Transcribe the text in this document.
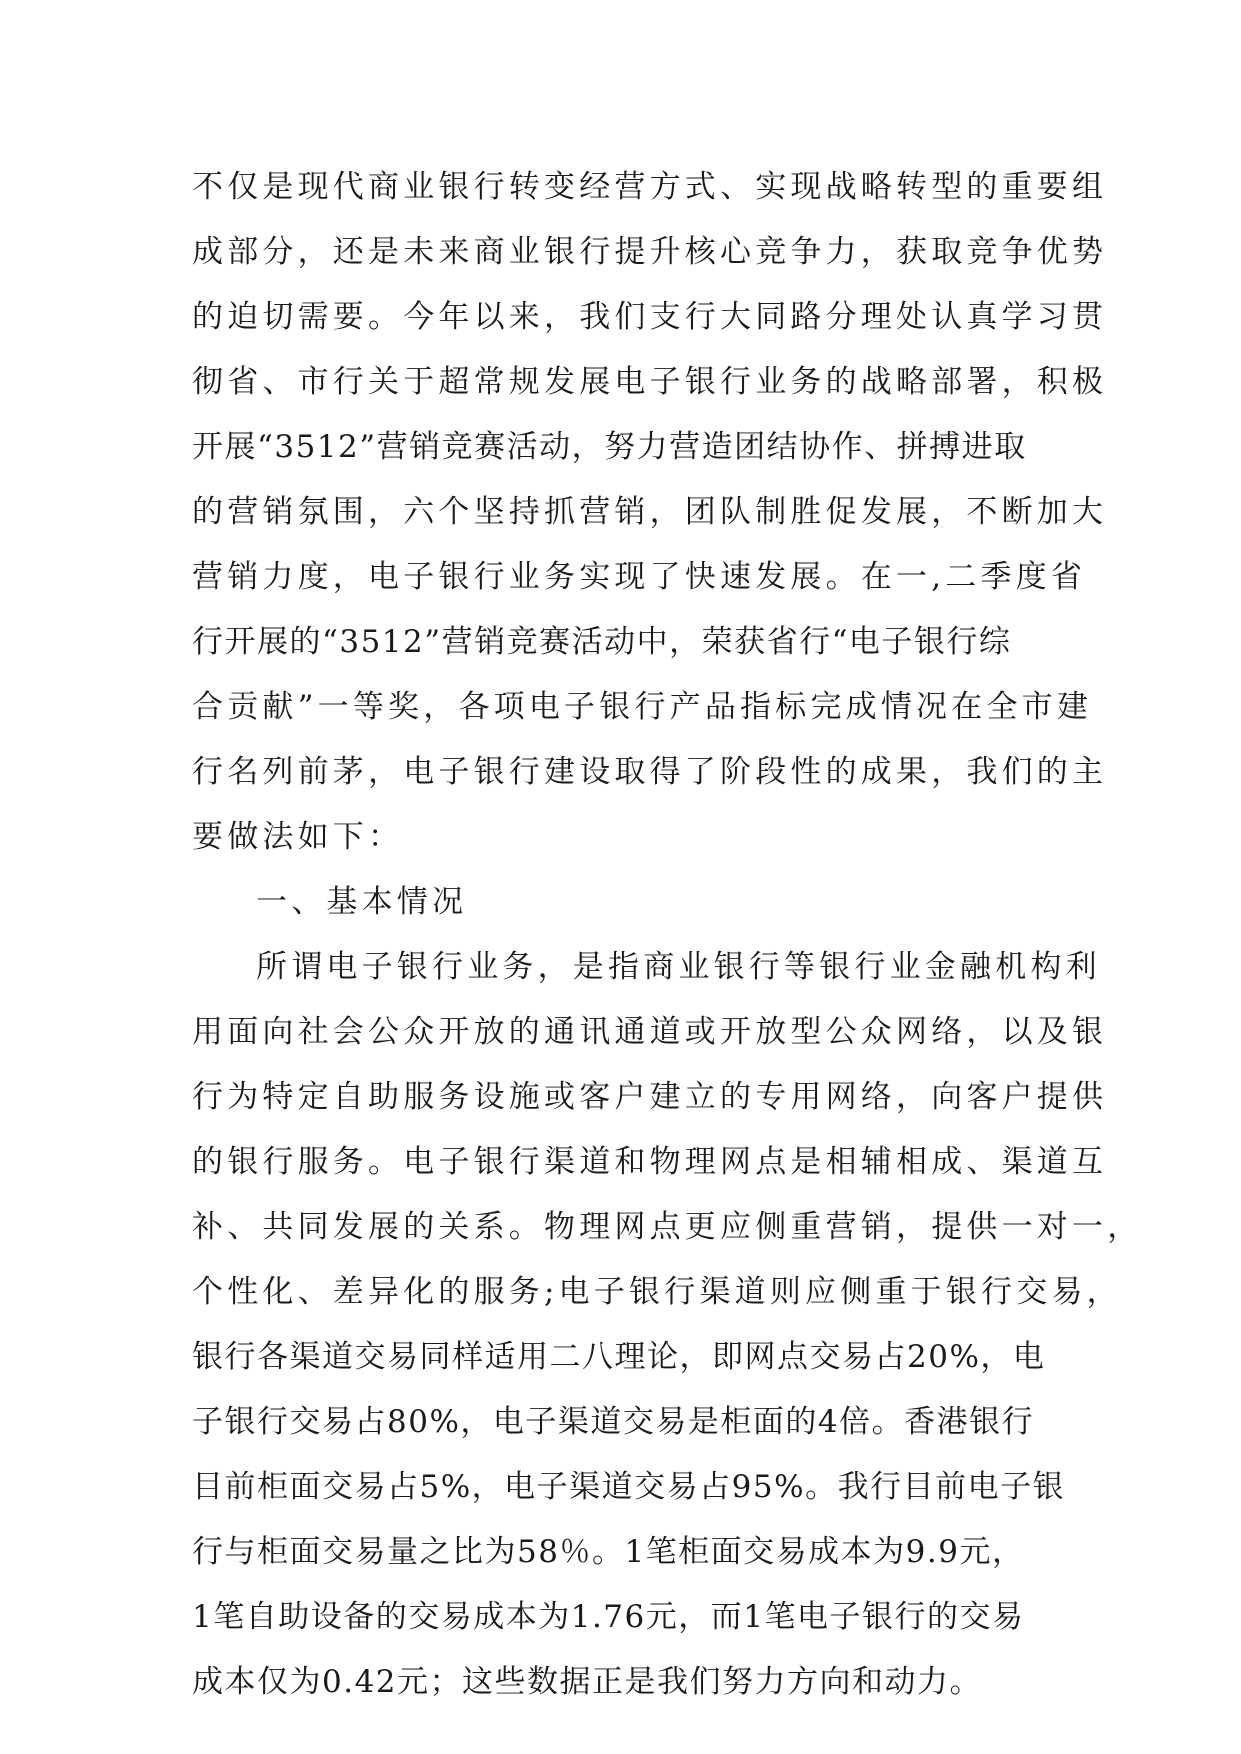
不仅是现代商业银行转变经营方式、实现战略转型的重要组
成部分，还是未来商业银行提升核心竞争力，获取竞争优势
的迫切需要。今年以来，我们支行大同路分理处认真学习贯
彻省、市行关于超常规发展电子银行业务的战略部署，积极
开展“3512”营销竞赛活动，努力营造团结协作、拼搏进取
的营销氛围，六个坚持抓营销，团队制胜促发展，不断加大
营销力度，电子银行业务实现了快速发展。在一,二季度省
行开展的“3512”营销竞赛活动中，荣获省行“电子银行综
合贡献”一等奖，各项电子银行产品指标完成情况在全市建
行名列前茅，电子银行建设取得了阶段性的成果，我们的主
要做法如下：
一、基本情况
所谓电子银行业务，是指商业银行等银行业金融机构利
用面向社会公众开放的通讯通道或开放型公众网络，以及银
行为特定自助服务设施或客户建立的专用网络，向客户提供
的银行服务。电子银行渠道和物理网点是相辅相成、渠道互
补、共同发展的关系。物理网点更应侧重营销，提供一对一，
个性化、差异化的服务;电子银行渠道则应侧重于银行交易，
银行各渠道交易同样适用二八理论，即网点交易占20%，电
子银行交易占80%，电子渠道交易是柜面的4倍。香港银行
目前柜面交易占5%，电子渠道交易占95%。我行目前电子银
行与柜面交易量之比为58％。1笔柜面交易成本为9.9元，
1笔自助设备的交易成本为1.76元，而1笔电子银行的交易
成本仅为0.42元；这些数据正是我们努力方向和动力。
